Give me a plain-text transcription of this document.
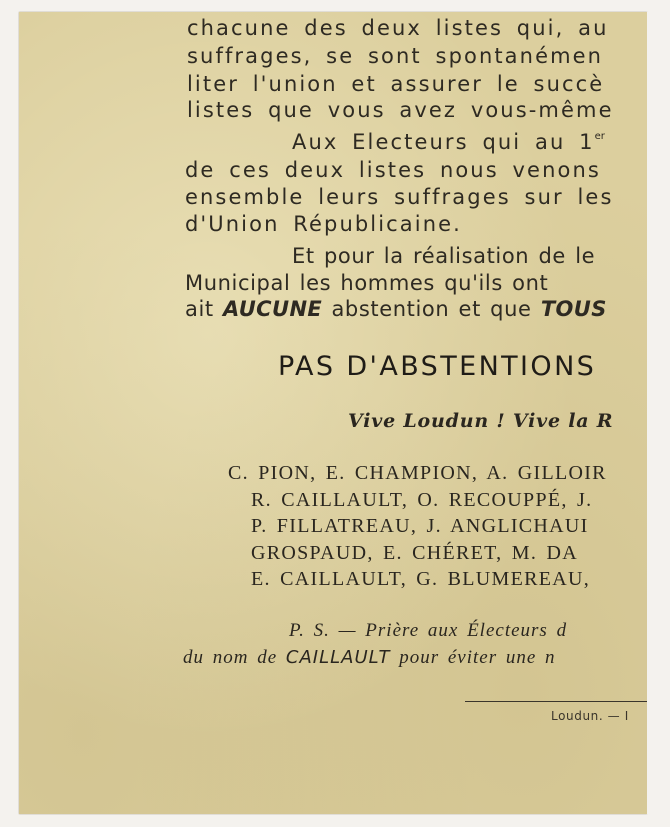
chacune des deux listes qui, au

suffrages, se sont spontanémen

liter l'union et assurer le succè

listes que vous avez vous-même

Aux Electeurs qui au 1er

de ces deux listes nous venons

ensemble leurs suffrages sur les

d'Union Républicaine.

Et pour la réalisation de le

Municipal les hommes qu'ils ont

ait AUCUNE abstention et que TOUS

PAS D'ABSTENTIONS

Vive Loudun ! Vive la R

C. PION, E. CHAMPION, A. GILLOIR

R. CAILLAULT, O. RECOUPPÉ, J.

P. FILLATREAU, J. ANGLICHAUI

GROSPAUD, E. CHÉRET, M. DA

E. CAILLAULT, G. BLUMEREAU,

P. S. — Prière aux Électeurs d

du nom de CAILLAULT pour éviter une n

Loudun. — I
